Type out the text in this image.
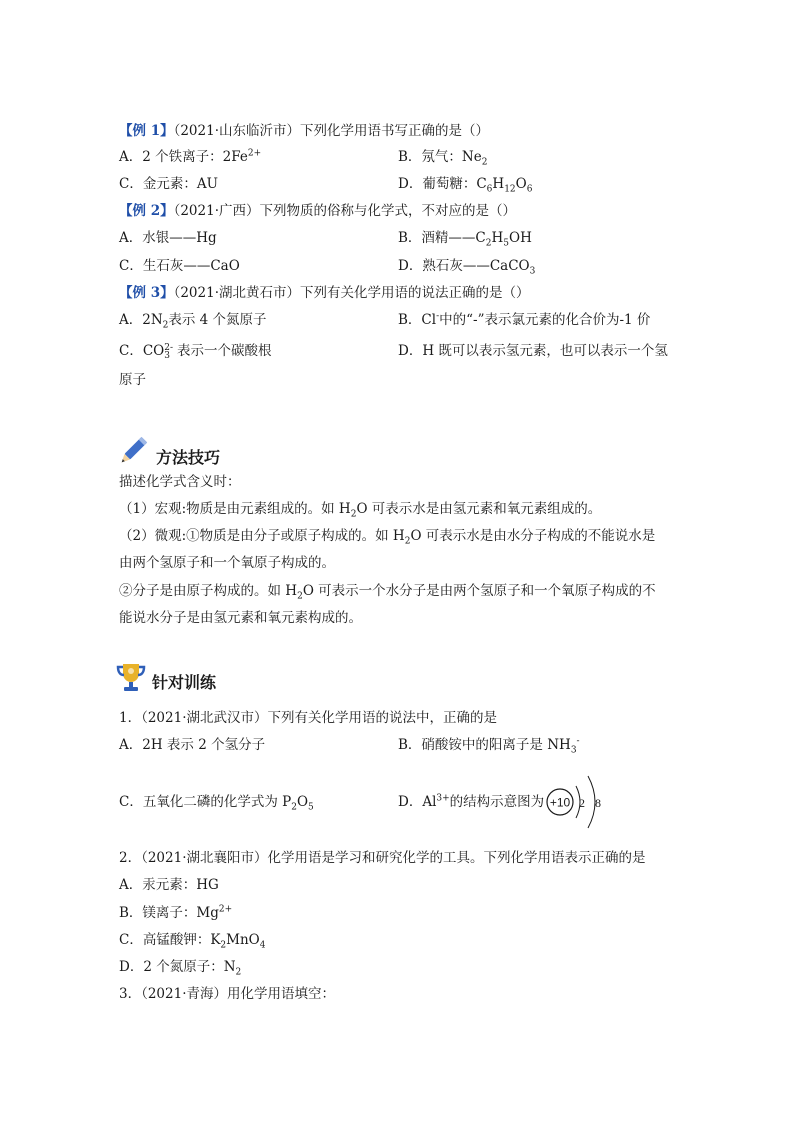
【例 1】（2021·山东临沂市）下列化学用语书写正确的是（）
A．2 个铁离子：$2Fe^{2+}$	B．氖气：$Ne_2$
C．金元素：AU	D．葡萄糖：$C_6H_{12}O_6$
【例 2】（2021·广西）下列物质的俗称与化学式，不对应的是（）
A．水银——Hg	B．酒精$——C_2H_5OH$
C．生石灰——CaO	D．熟石灰——CaCO$_3$
【例 3】（2021·湖北黄石市）下列有关化学用语的说法正确的是（）
A．$2N_2$表示 4 个氮原子	B．Cl-中的“-”表示氯元素的化合价为-1 价
C．CO 2-
3 表示一个碳酸根	D．H 既可以表示氢元素，也可以表示一个氢
原子
方法技巧
描述化学式含义时：
（1）宏观:物质是由元素组成的。如 $H_2O$ 可表示水是由氢元素和氧元素组成的。
（2）微观:①物质是由分子或原子构成的。如 $H_2O$ 可表示水是由水分子构成的不能说水是
由两个氢原子和一个氧原子构成的。
②分子是由原子构成的。如 $H_2O$ 可表示一个水分子是由两个氢原子和一个氧原子构成的不
能说水分子是由氢元素和氧元素构成的。
针对训练
1．（2021·湖北武汉市）下列有关化学用语的说法中，正确的是
A．2H 表示 2 个氢分子	B．硝酸铵中的阳离子是 $NH_3^-$
C．五氧化二磷的化学式为 $P_2O_5$	D．$Al^{3+}$的结构示意图为 +10 2 8
2．（2021·湖北襄阳市）化学用语是学习和研究化学的工具。下列化学用语表示正确的是
A．汞元素：HG
B．镁离子：$Mg^{2+}$
C．高锰酸钾：$K_2MnO_4$
D．2 个氮原子：$N_2$
3．（2021·青海）用化学用语填空：
